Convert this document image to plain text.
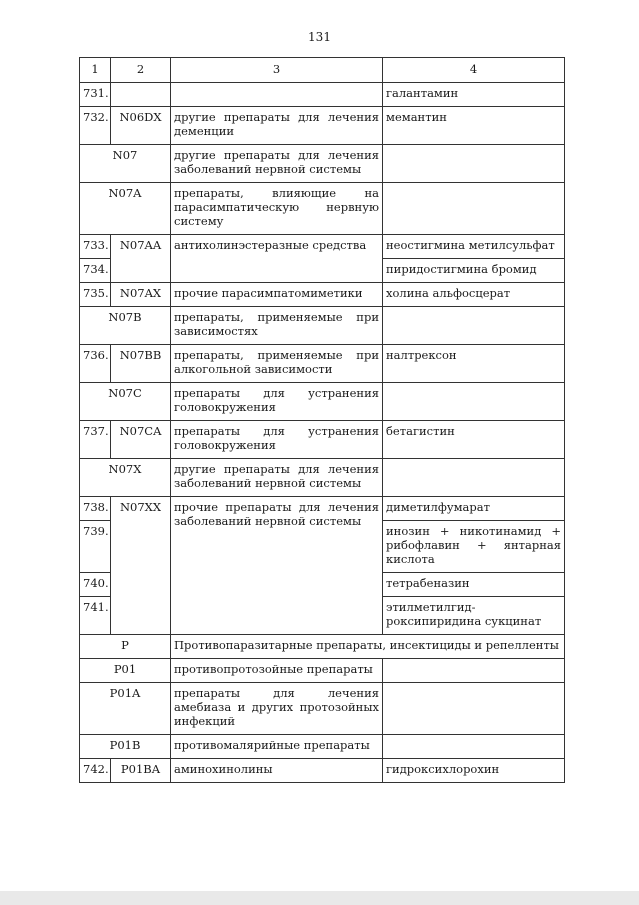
131
1	2	3	4
731.			галантамин
732.	N06DX	другие препараты для лечения деменции	мемантин
N07		другие препараты для лечения заболеваний нервной системы	
N07A		препараты, влияющие на парасимпатическую нервную систему	
733.	N07AA	антихолинэстеразные средства	неостигмина метилсульфат
734.			пиридостигмина бромид
735.	N07AX	прочие парасимпатомиметики	холина альфосцерат
N07B		препараты, применяемые при зависимостях	
736.	N07BB	препараты, применяемые при алкогольной зависимости	налтрексон
N07C		препараты для устранения головокружения	
737.	N07CA	препараты для устранения головокружения	бетагистин
N07X		другие препараты для лечения заболеваний нервной системы	
738.	N07XX	прочие препараты для лечения заболеваний нервной системы	диметилфумарат
739.			инозин + никотинамид + рибофлавин + янтарная кислота
740.			тетрабеназин
741.			этилметилгид-роксипиридина сукцинат
P		Противопаразитарные препараты, инсектициды и репелленты	
P01		противопротозойные препараты	
P01A		препараты для лечения амебиаза и других протозойных инфекций	
P01B		противомалярийные препараты	
742.	P01BA	аминохинолины	гидроксихлорохин
